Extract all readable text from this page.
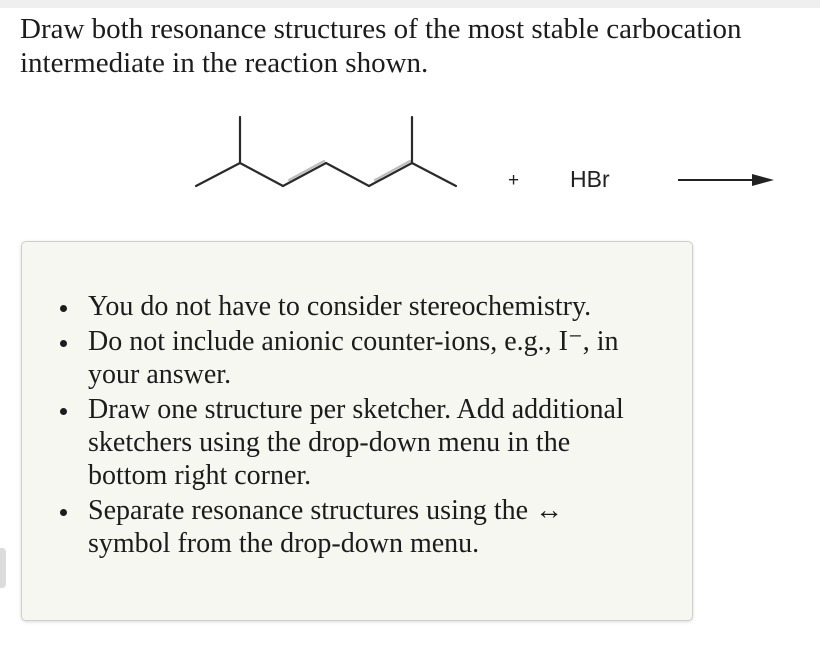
Draw both resonance structures of the most stable carbocation intermediate in the reaction shown.

+ HBr
You do not have to consider stereochemistry.
Do not include anionic counter-ions, e.g., I⁻, in your answer.
Draw one structure per sketcher. Add additional sketchers using the drop-down menu in the bottom right corner.
Separate resonance structures using the ↔ symbol from the drop-down menu.
